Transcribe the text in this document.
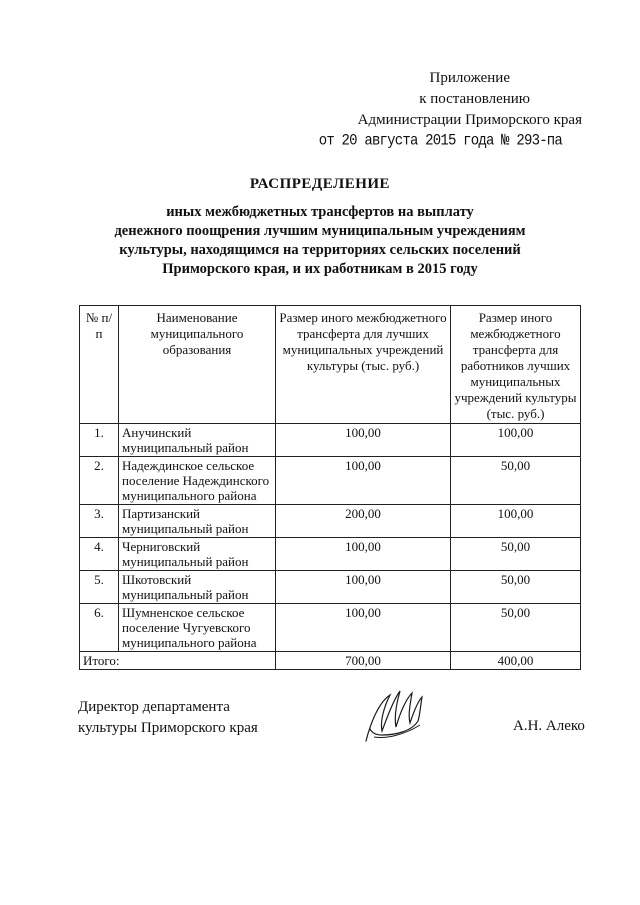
Приложение
к постановлению
Администрации Приморского края
от 20 августа 2015 года № 293-па
РАСПРЕДЕЛЕНИЕ
иных межбюджетных трансфертов на выплату
денежного поощрения лучшим муниципальным учреждениям
культуры, находящимся на территориях сельских поселений
Приморского края, и их работникам в 2015 году
№ п/п	Наименование муниципального образования	Размер иного межбюджетного трансферта для лучших муниципальных учреждений культуры (тыс. руб.)	Размер иного межбюджетного трансферта для работников лучших муниципальных учреждений культуры (тыс. руб.)
1.	Анучинский муниципальный район	100,00	100,00
2.	Надеждинское сельское поселение Надеждинского муниципального района	100,00	50,00
3.	Партизанский муниципальный район	200,00	100,00
4.	Черниговский муниципальный район	100,00	50,00
5.	Шкотовский муниципальный район	100,00	50,00
6.	Шумненское сельское поселение Чугуевского муниципального района	100,00	50,00
Итого:		700,00	400,00
Директор департамента
культуры Приморского края	А.Н. Алеко
